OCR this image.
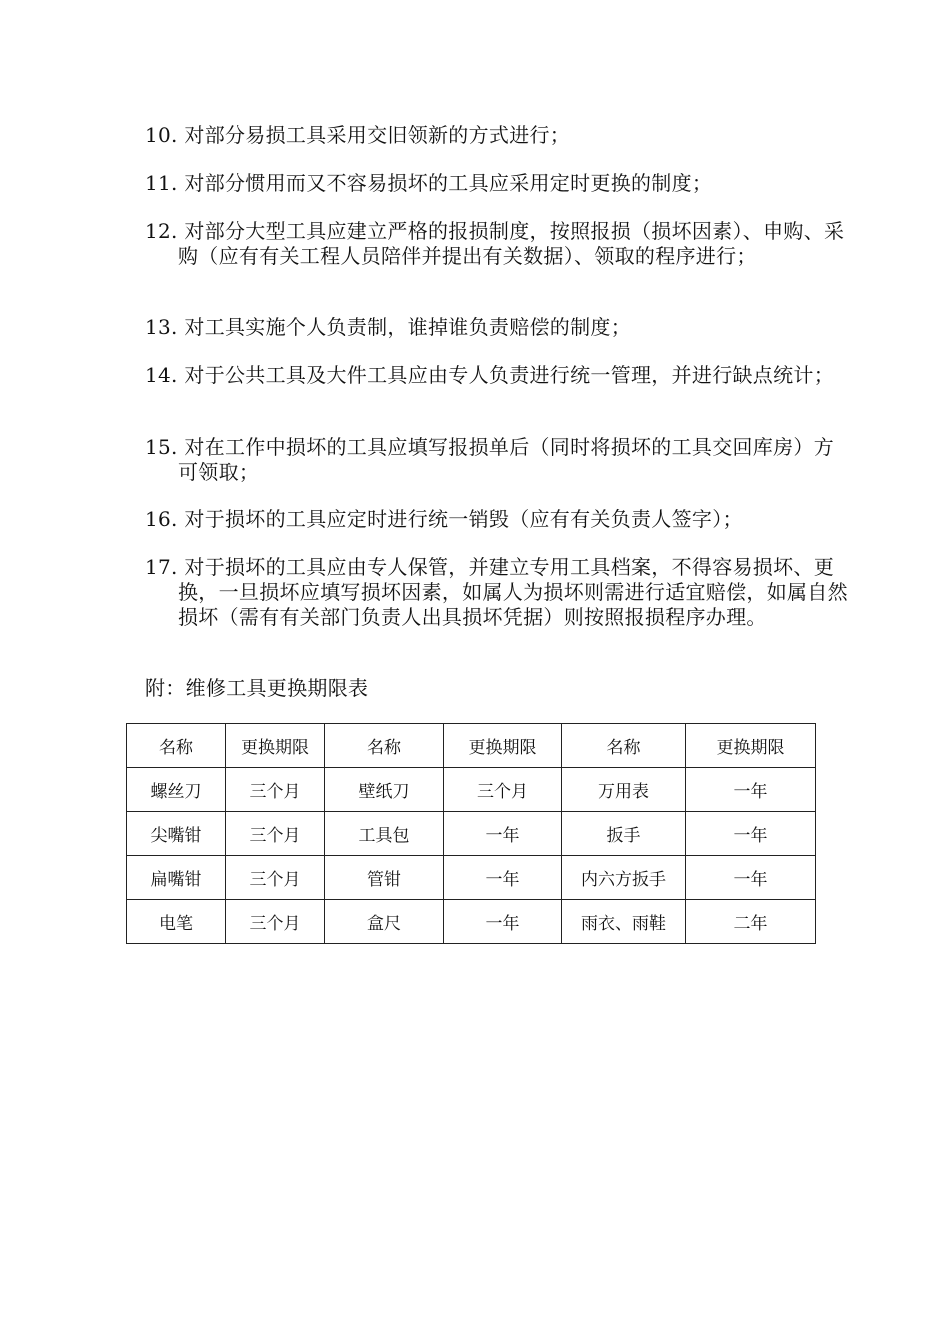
10. 对部分易损工具采用交旧领新的方式进行；

11. 对部分惯用而又不容易损坏的工具应采用定时更换的制度；

12. 对部分大型工具应建立严格的报损制度，按照报损（损坏因素）、申购、采购（应有有关工程人员陪伴并提出有关数据）、领取的程序进行；

13. 对工具实施个人负责制，谁掉谁负责赔偿的制度；

14. 对于公共工具及大件工具应由专人负责进行统一管理，并进行缺点统计；

15. 对在工作中损坏的工具应填写报损单后（同时将损坏的工具交回库房）方可领取；

16. 对于损坏的工具应定时进行统一销毁（应有有关负责人签字）；

17. 对于损坏的工具应由专人保管，并建立专用工具档案，不得容易损坏、更换，一旦损坏应填写损坏因素，如属人为损坏则需进行适宜赔偿，如属自然损坏（需有有关部门负责人出具损坏凭据）则按照报损程序办理。

附：维修工具更换期限表

名称	更换期限	名称	更换期限	名称	更换期限
螺丝刀	三个月	壁纸刀	三个月	万用表	一年
尖嘴钳	三个月	工具包	一年	扳手	一年
扁嘴钳	三个月	管钳	一年	内六方扳手	一年
电笔	三个月	盒尺	一年	雨衣、雨鞋	二年
